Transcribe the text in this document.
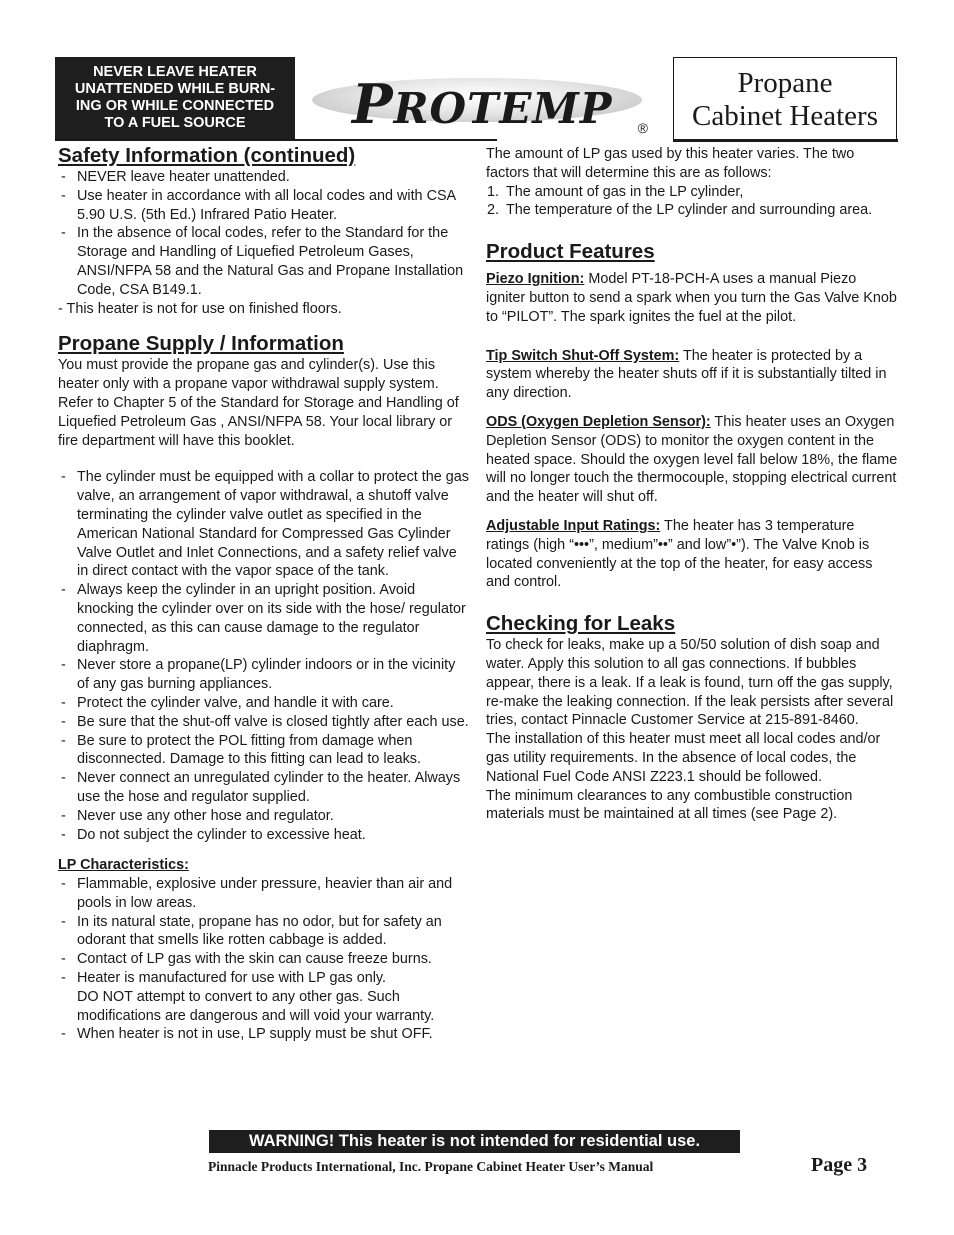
NEVER LEAVE HEATER
UNATTENDED WHILE BURN-
ING OR WHILE CONNECTED
TO A FUEL SOURCE	PROTEMP ®
Propane
Cabinet Heaters
Safety Information (continued)
- NEVER leave heater unattended.
- Use heater in accordance with all local codes and with CSA 5.90 U.S. (5th Ed.) Infrared Patio Heater.
- In the absence of local codes, refer to the Standard for the Storage and Handling of Liquefied Petroleum Gases, ANSI/NFPA 58 and the Natural Gas and Propane Installation Code, CSA B149.1.

- This heater is not for use on finished floors.

Propane Supply / Information

You must provide the propane gas and cylinder(s). Use this heater only with a propane vapor withdrawal supply system. Refer to Chapter 5 of the Standard for Storage and Handling of Liquefied Petroleum Gas , ANSI/NFPA 58. Your local library or fire department will have this booklet.

- The cylinder must be equipped with a collar to protect the gas valve, an arrangement of vapor withdrawal, a shutoff valve terminating the cylinder valve outlet as specified in the American National Standard for Compressed Gas Cylinder Valve Outlet and Inlet Connections, and a safety relief valve in direct contact with the vapor space of the tank.
- Always keep the cylinder in an upright position. Avoid knocking the cylinder over on its side with the hose/ regulator connected, as this can cause damage to the regulator diaphragm.
- Never store a propane(LP) cylinder indoors or in the vicinity of any gas burning appliances.
- Protect the cylinder valve, and handle it with care.
- Be sure that the shut-off valve is closed tightly after each use.
- Be sure to protect the POL fitting from damage when disconnected. Damage to this fitting can lead to leaks.
- Never connect an unregulated cylinder to the heater. Always use the hose and regulator supplied.
- Never use any other hose and regulator.
- Do not subject the cylinder to excessive heat.

LP Characteristics:

- Flammable, explosive under pressure, heavier than air and pools in low areas.
- In its natural state, propane has no odor, but for safety an odorant that smells like rotten cabbage is added.
- Contact of LP gas with the skin can cause freeze burns.
- Heater is manufactured for use with LP gas only.
DO NOT attempt to convert to any other gas. Such modifications are dangerous and will void your warranty.
- When heater is not in use, LP supply must be shut OFF.

The amount of LP gas used by this heater varies. The two factors that will determine this are as follows:

1. The amount of gas in the LP cylinder,
2. The temperature of the LP cylinder and surrounding area.
Product Features

Piezo Ignition: Model PT-18-PCH-A uses a manual Piezo igniter button to send a spark when you turn the Gas Valve Knob to “PILOT”. The spark ignites the fuel at the pilot.

Tip Switch Shut-Off System: The heater is protected by a system whereby the heater shuts off if it is substantially tilted in any direction.

ODS (Oxygen Depletion Sensor): This heater uses an Oxygen Depletion Sensor (ODS) to monitor the oxygen content in the heated space. Should the oxygen level fall below 18%, the flame will no longer touch the thermocouple, stopping electrical current and the heater will shut off.

Adjustable Input Ratings: The heater has 3 temperature ratings (high “•••”, medium”••” and low”•”). The Valve Knob is located conveniently at the top of the heater, for easy access and control.

Checking for Leaks

To check for leaks, make up a 50/50 solution of dish soap and water. Apply this solution to all gas connections. If bubbles appear, there is a leak. If a leak is found, turn off the gas supply, re-make the leaking connection. If the leak persists after several tries, contact Pinnacle Customer Service at 215-891-8460.

The installation of this heater must meet all local codes and/or gas utility requirements. In the absence of local codes, the National Fuel Code ANSI Z223.1 should be followed.

The minimum clearances to any combustible construction materials must be maintained at all times (see Page 2).

WARNING! This heater is not intended for residential use.
Pinnacle Products International, Inc. Propane Cabinet Heater User’s Manual	Page 3
